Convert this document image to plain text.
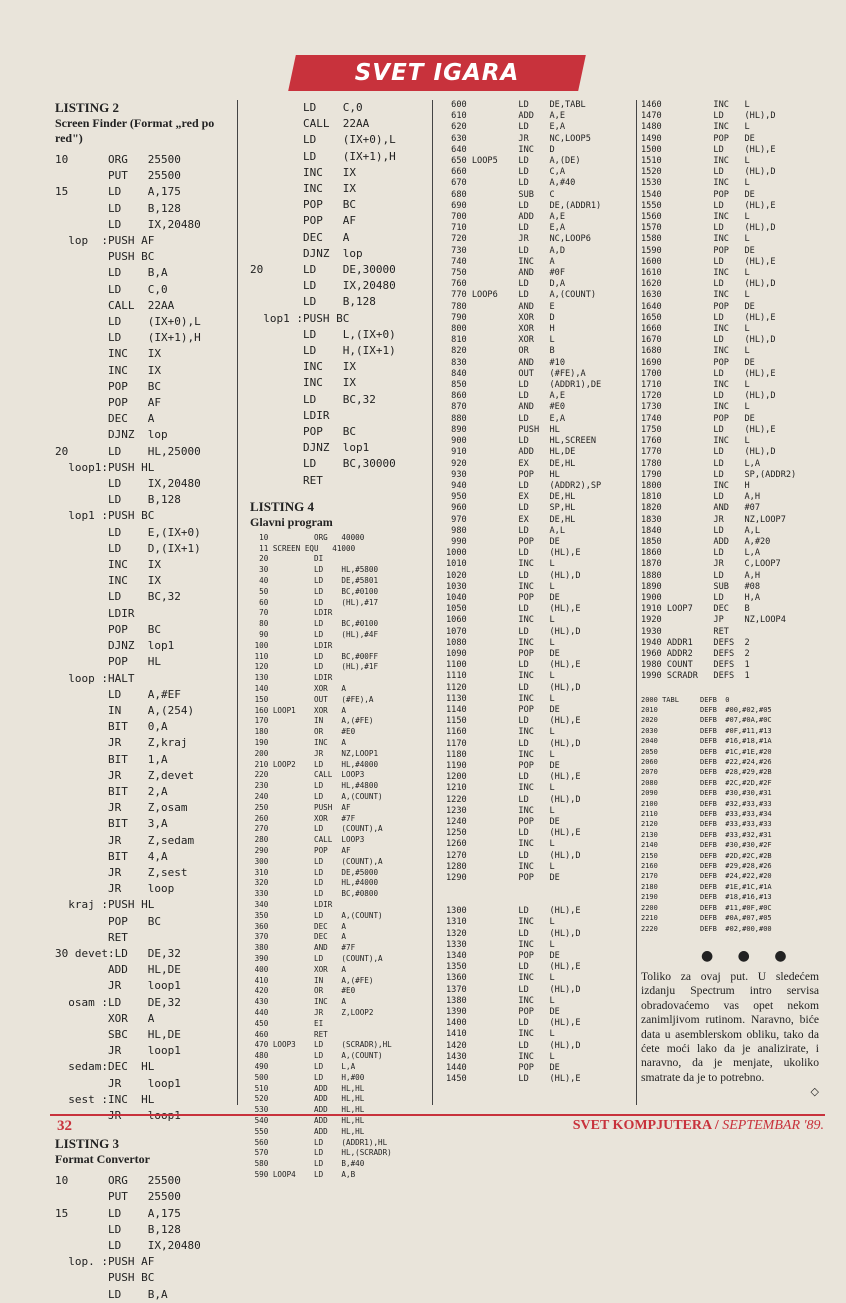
SVET IGARA

LISTING 2

Screen Finder (Format „red po red")

10      ORG   25500
PUT   25500
15      LD    A,175
LD    B,128
LD    IX,20480
lop  :PUSH AF
PUSH BC
LD    B,A
LD    C,0
CALL  22AA
LD    (IX+0),L
LD    (IX+1),H
INC   IX
INC   IX
POP   BC
POP   AF
DEC   A
DJNZ  lop
20      LD    HL,25000
loop1:PUSH HL
LD    IX,20480
LD    B,128
lop1 :PUSH BC
LD    E,(IX+0)
LD    D,(IX+1)
INC   IX
INC   IX
LD    BC,32
LDIR
POP   BC
DJNZ  lop1
POP   HL
loop :HALT
LD    A,#EF
IN    A,(254)
BIT   0,A
JR    Z,kraj
BIT   1,A
JR    Z,devet
BIT   2,A
JR    Z,osam
BIT   3,A
JR    Z,sedam
BIT   4,A
JR    Z,sest
JR    loop
kraj :PUSH HL
POP   BC
RET
30 devet:LD   DE,32
ADD   HL,DE
JR    loop1
osam :LD    DE,32
XOR   A
SBC   HL,DE
JR    loop1
sedam:DEC  HL
JR    loop1
sest :INC  HL

LISTING 3

Format Convertor

10      ORG   25500
PUT   25500
15      LD    A,175
LD    B,128
LD    IX,20480
lop. :PUSH AF
PUSH BC
LD    B,A
LD    C,0
CALL  22AA
LD    (IX+0),L
LD    (IX+1),H
INC   IX
INC   IX
POP   BC
POP   AF
DEC   A
DJNZ  lop
20      LD    DE,30000
LD    IX,20480
LD    B,128
lop1 :PUSH BC
LD    L,(IX+0)
LD    H,(IX+1)
INC   IX
INC   IX
LD    BC,32
LDIR
POP   BC
DJNZ  lop1
LD    BC,30000
RET

LISTING 4

Glavni program

10          ORG   40000
11 SCREEN EQU   41000
20          DI
30          LD    HL,#5800
40          LD    DE,#5801
50          LD    BC,#0100
60          LD    (HL),#17
70          LDIR
80          LD    BC,#0100
90          LD    (HL),#4F
100          LDIR
110          LD    BC,#00FF
120          LD    (HL),#1F
130          LDIR
140          XOR   A
150          OUT   (#FE),A
160 LOOP1    XOR   A
170          IN    A,(#FE)
180          OR    #E0
190          INC   A
200          JR    NZ,LOOP1
210 LOOP2    LD    HL,#4000
220          CALL  LOOP3
230          LD    HL,#4800
240          LD    A,(COUNT)
250          PUSH  AF
260          XOR   #7F
270          LD    (COUNT),A
280          CALL  LOOP3
290          POP   AF
300          LD    (COUNT),A
310          LD    DE,#5000
320          LD    HL,#4000
330          LD    BC,#0800
340          LDIR
350          LD    A,(COUNT)
360          DEC   A
370          DEC   A
380          AND   #7F
390          LD    (COUNT),A
400          XOR   A
410          IN    A,(#FE)
420          OR    #E0
430          INC   A
440          JR    Z,LOOP2
450          EI
460          RET
470 LOOP3    LD    (SCRADR),HL
480          LD    A,(COUNT)
490          LD    L,A
500          LD    H,#00
510          ADD   HL,HL
520          ADD   HL,HL
530          ADD   HL,HL
540          ADD   HL,HL
550          ADD   HL,HL
560          LD    (ADDR1),HL
570          LD    HL,(SCRADR)
580          LD    B,#40
590 LOOP4    LD    A,B
600          LD    DE,TABL
610          ADD   A,E
620          LD    E,A
630          JR    NC,LOOP5
640          INC   D
650 LOOP5    LD    A,(DE)
660          LD    C,A
670          LD    A,#40
680          SUB   C
690          LD    DE,(ADDR1)
700          ADD   A,E
710          LD    E,A
720          JR    NC,LOOP6
730          LD    A,D
740          INC   A
750          AND   #0F
760          LD    D,A
770 LOOP6    LD    A,(COUNT)
780          AND   E
790          XOR   D
800          XOR   H
810          XOR   L
820          OR    B
830          AND   #10
840          OUT   (#FE),A
850          LD    (ADDR1),DE
860          LD    A,E
870          AND   #E0
880          LD    E,A
890          PUSH  HL
900          LD    HL,SCREEN
910          ADD   HL,DE
920          EX    DE,HL
930          POP   HL
940          LD    (ADDR2),SP
950          EX    DE,HL
960          LD    SP,HL
970          EX    DE,HL
980          LD    A,L
990          POP   DE
1000          LD    (HL),E
1010          INC   L
1020          LD    (HL),D
1030          INC   L
1040          POP   DE
1050          LD    (HL),E
1060          INC   L
1070          LD    (HL),D
1080          INC   L
1090          POP   DE
1100          LD    (HL),E
1110          INC   L
1120          LD    (HL),D
1130          INC   L
1140          POP   DE
1150          LD    (HL),E
1160          INC   L
1170          LD    (HL),D
1180          INC   L
1190          POP   DE
1200          LD    (HL),E
1210          INC   L
1220          LD    (HL),D
1230          INC   L
1240          POP   DE
1250          LD    (HL),E
1260          INC   L
1270          LD    (HL),D
1280          INC   L
1290          POP   DE
1300          LD    (HL),E
1310          INC   L
1320          LD    (HL),D
1330          INC   L
1340          POP   DE
1350          LD    (HL),E
1360          INC   L
1370          LD    (HL),D
1380          INC   L
1390          POP   DE
1400          LD    (HL),E
1410          INC   L
1420          LD    (HL),D
1430          INC   L
1440          POP   DE
1450          LD    (HL),E
1460          INC   L
1470          LD    (HL),D
1480          INC   L
1490          POP   DE
1500          LD    (HL),E
1510          INC   L
1520          LD    (HL),D
1530          INC   L
1540          POP   DE
1550          LD    (HL),E
1560          INC   L
1570          LD    (HL),D
1580          INC   L
1590          POP   DE
1600          LD    (HL),E
1610          INC   L
1620          LD    (HL),D
1630          INC   L
1640          POP   DE
1650          LD    (HL),E
1660          INC   L
1670          LD    (HL),D
1680          INC   L
1690          POP   DE
1700          LD    (HL),E
1710          INC   L
1720          LD    (HL),D
1730          INC   L
1740          POP   DE
1750          LD    (HL),E
1760          INC   L
1770          LD    (HL),D
1780          LD    L,A
1790          LD    SP,(ADDR2)
1800          INC   H
1810          LD    A,H
1820          AND   #07
1830          JR    NZ,LOOP7
1840          LD    A,L
1850          ADD   A,#20
1860          LD    L,A
1870          JR    C,LOOP7
1880          LD    A,H
1890          SUB   #08
1900          LD    H,A
1910 LOOP7    DEC   B
1920          JP    NZ,LOOP4
1930          RET
1940 ADDR1    DEFS  2
1960 ADDR2    DEFS  2
1980 COUNT    DEFS  1
1990 SCRADR   DEFS  1
2000 TABL     DEFB  0
2010          DEFB  #00,#02,#05
2020          DEFB  #07,#0A,#0C
2030          DEFB  #0F,#11,#13
2040          DEFB  #16,#18,#1A
2050          DEFB  #1C,#1E,#20
2060          DEFB  #22,#24,#26
2070          DEFB  #28,#29,#2B
2080          DEFB  #2C,#2D,#2F
2090          DEFB  #30,#30,#31
2100          DEFB  #32,#33,#33
2110          DEFB  #33,#33,#34
2120          DEFB  #33,#33,#33
2130          DEFB  #33,#32,#31
2140          DEFB  #30,#30,#2F
2150          DEFB  #2D,#2C,#2B
2160          DEFB  #29,#28,#26
2170          DEFB  #24,#22,#20
2180          DEFB  #1E,#1C,#1A
2190          DEFB  #18,#16,#13
2200          DEFB  #11,#0F,#0C
2210          DEFB  #0A,#07,#05
2220          DEFB  #02,#00,#00
● ● ●
Toliko za ovaj put. U sledećem izdanju Spectrum intro servisa obradovaćemo vas opet nekom zanimljivom rutinom. Naravno, biće data u asemblerskom obliku, tako da ćete moći lako da je analizirate, i naravno, da je menjate, ukoliko smatrate da je to potrebno.
◇
32	SVET KOMPJUTERA / SEPTEMBAR '89.
